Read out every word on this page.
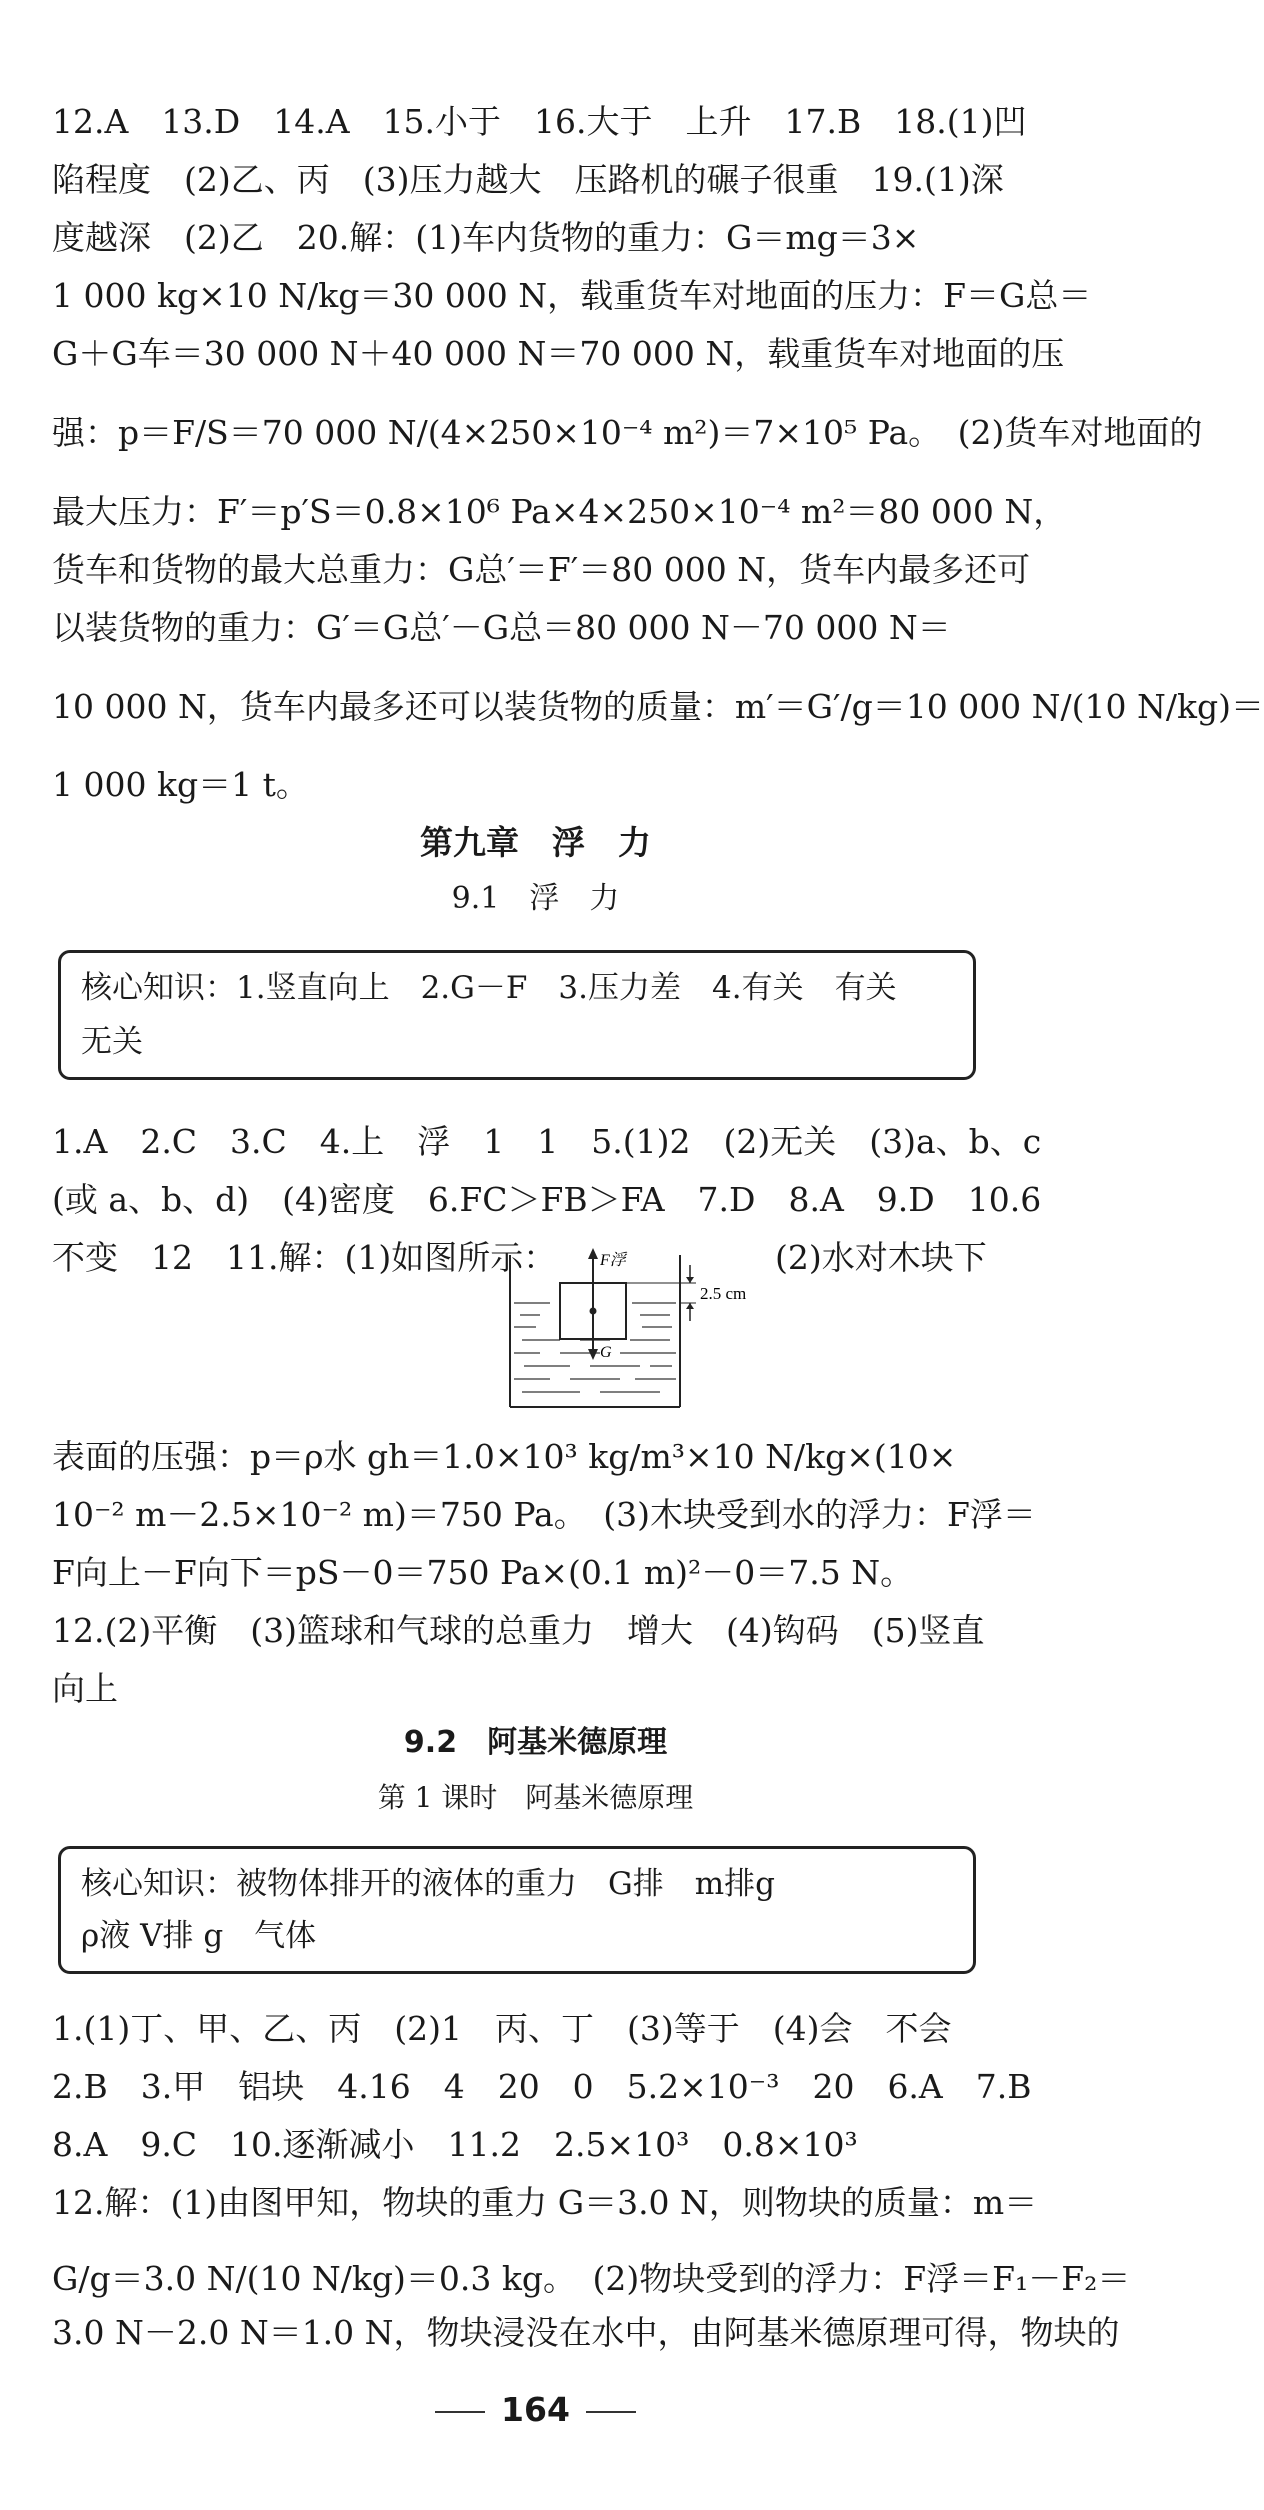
12.A　13.D　14.A　15.小于　16.大于　上升　17.B　18.(1)凹
陷程度　(2)乙、丙　(3)压力越大　压路机的碾子很重　19.(1)深
度越深　(2)乙　20.解：(1)车内货物的重力：G＝mg＝3×
1 000 kg×10 N/kg＝30 000 N，载重货车对地面的压力：F＝G总＝
G＋G车＝30 000 N＋40 000 N＝70 000 N，载重货车对地面的压
强：p＝F/S＝70 000 N/(4×250×10⁻⁴ m²)＝7×10⁵ Pa。　(2)货车对地面的
最大压力：F′＝p′S＝0.8×10⁶ Pa×4×250×10⁻⁴ m²＝80 000 N，
货车和货物的最大总重力：G总′＝F′＝80 000 N，货车内最多还可
以装货物的重力：G′＝G总′－G总＝80 000 N－70 000 N＝
10 000 N，货车内最多还可以装货物的质量：m′＝G′/g＝10 000 N/(10 N/kg)＝
1 000 kg＝1 t。
第九章　浮　力
9.1　浮　力
核心知识：1.竖直向上　2.G－F　3.压力差　4.有关　有关
无关
1.A　2.C　3.C　4.上　浮　1　1　5.(1)2　(2)无关　(3)a、b、c
(或 a、b、d)　(4)密度　6.FC＞FB＞FA　7.D　8.A　9.D　10.6
不变　12　11.解：(1)如图所示：	(2)水对木块下
F浮
G
2.5 cm
表面的压强：p＝ρ水 gh＝1.0×10³ kg/m³×10 N/kg×(10×
10⁻² m－2.5×10⁻² m)＝750 Pa。　(3)木块受到水的浮力：F浮＝
F向上－F向下＝pS－0＝750 Pa×(0.1 m)²－0＝7.5 N。
12.(2)平衡　(3)篮球和气球的总重力　增大　(4)钩码　(5)竖直
向上
9.2　阿基米德原理
第 1 课时　阿基米德原理
核心知识：被物体排开的液体的重力　G排　m排g
ρ液 V排 g　气体
1.(1)丁、甲、乙、丙　(2)1　丙、丁　(3)等于　(4)会　不会
2.B　3.甲　铝块　4.16　4　20　0　5.2×10⁻³　20　6.A　7.B
8.A　9.C　10.逐渐减小　11.2　2.5×10³　0.8×10³
12.解：(1)由图甲知，物块的重力 G＝3.0 N，则物块的质量：m＝
G/g＝3.0 N/(10 N/kg)＝0.3 kg。　(2)物块受到的浮力：F浮＝F₁－F₂＝
3.0 N－2.0 N＝1.0 N，物块浸没在水中，由阿基米德原理可得，物块的
164
